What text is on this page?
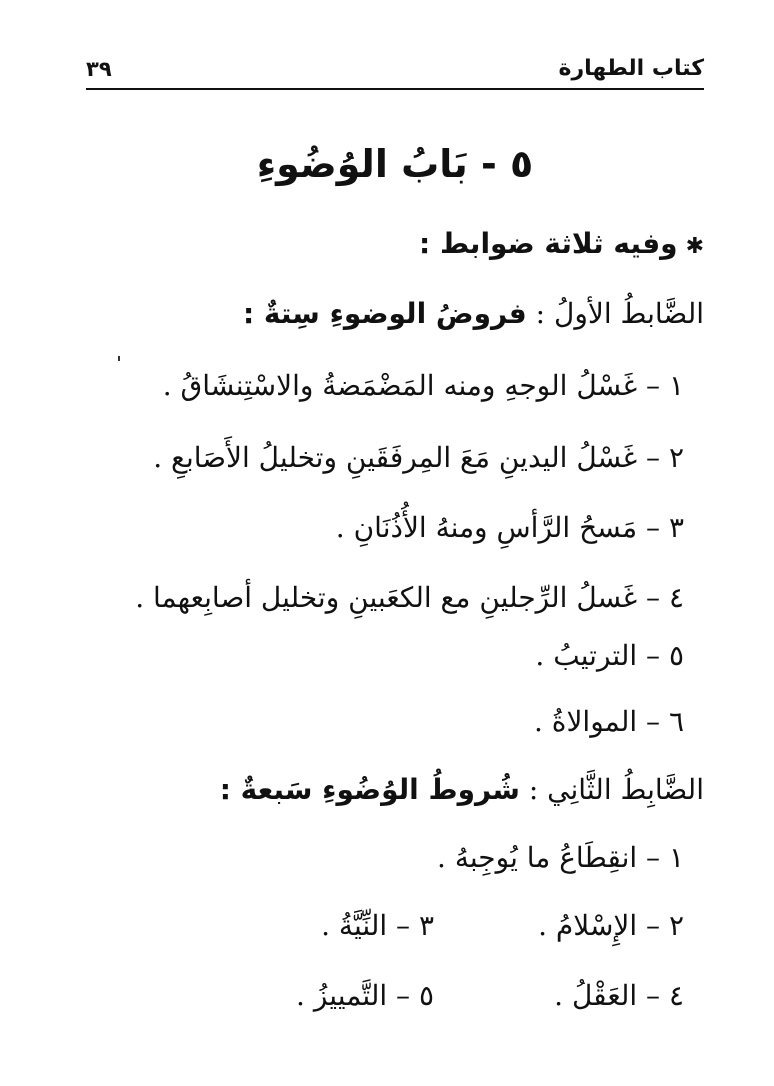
كتاب الطهارة
٣٩
٥ - بَابُ الوُضُوءِ
✱وفيه ثلاثة ضوابط :
الضَّابطُ الأولُ : فروضُ الوضوءِ سِتةٌ :
١ – غَسْلُ الوجهِ ومنه المَضْمَضةُ والاسْتِنشَاقُ .
٢ – غَسْلُ اليدينِ مَعَ المِرفَقَينِ وتخليلُ الأَصَابعِ .
٣ – مَسحُ الرَّأسِ ومنهُ الأُذُنَانِ .
٤ – غَسلُ الرِّجلينِ مع الكعَبينِ وتخليل أصابِعهما .
٥ – الترتيبُ .
٦ – الموالاةُ .
الضَّابِطُ الثَّانِي : شُروطُ الوُضُوءِ سَبعةٌ :
١ – انقِطَاعُ ما يُوجِبهُ .
٢ – الإِسْلامُ .
٣ – النِّيَّةُ .
٤ – العَقْلُ .
٥ – التَّمييزُ .
